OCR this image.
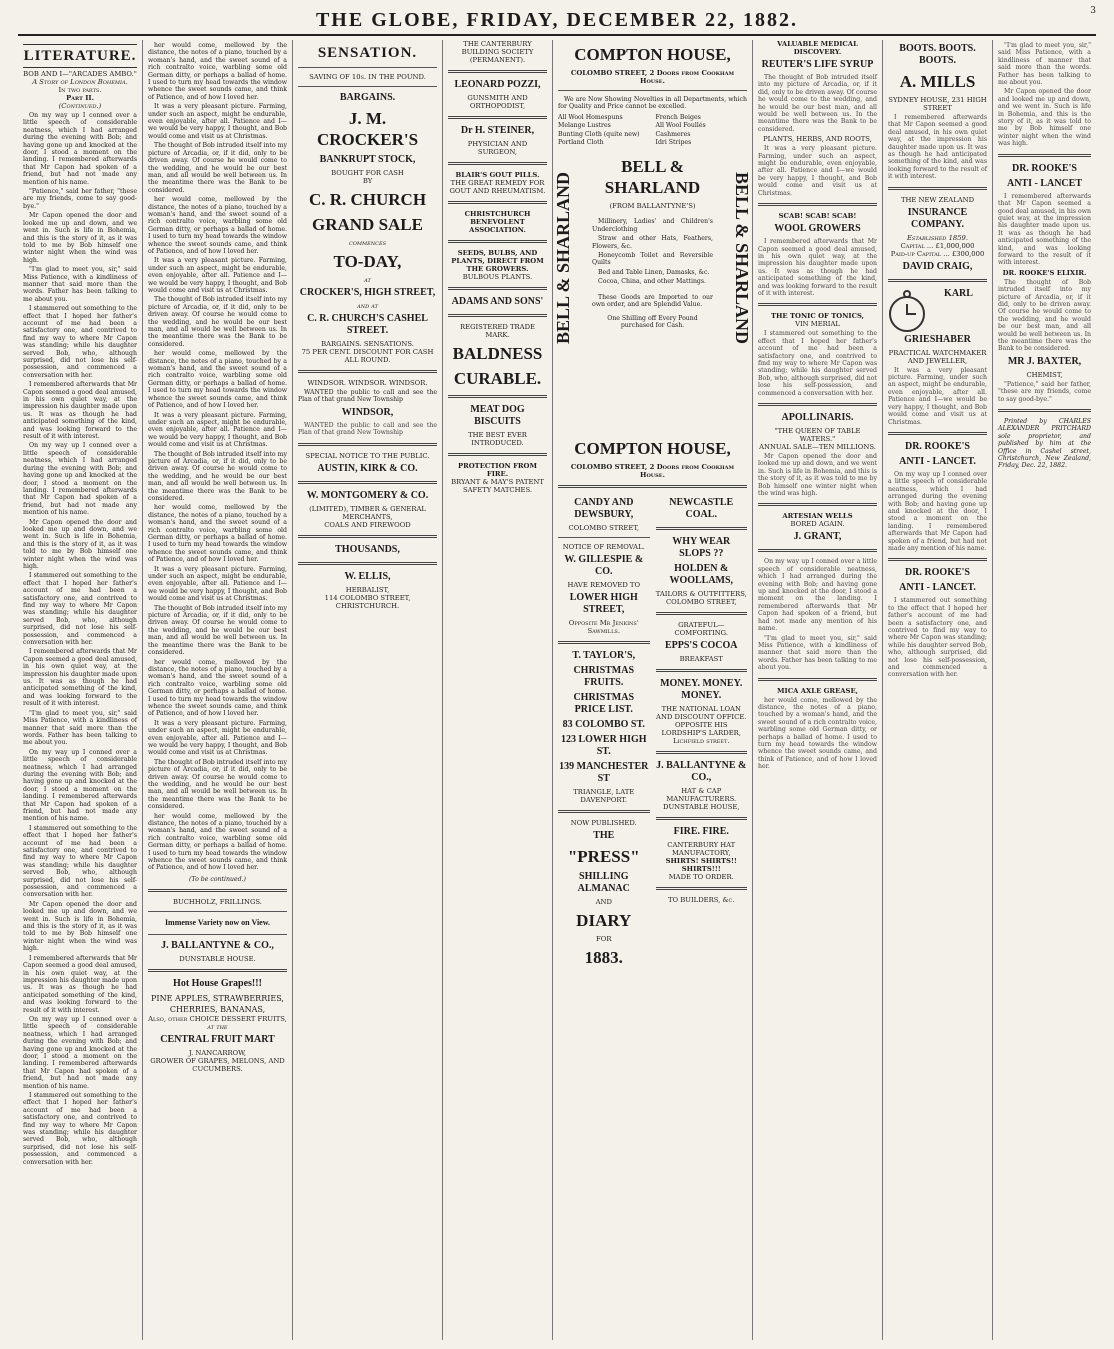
THE GLOBE, FRIDAY, DECEMBER 22, 1882.	3
LITERATURE.
BOB AND I—"ARCADES AMBO."
A Story of London Bohemia.
In two parts.
Part II.
(Continued.)

On my way up I conned over a little speech of considerable neatness, which I had arranged during the evening with Bob; and having gone up and knocked at the door, I stood a moment on the landing. I remembered afterwards that Mr Capon had spoken of a friend, but had not made any mention of his name.

"Patience," said her father, "these are my friends, come to say good-bye."

Mr Capon opened the door and looked me up and down, and we went in. Such is life in Bohemia, and this is the story of it, as it was told to me by Bob himself one winter night when the wind was high.

"I'm glad to meet you, sir," said Miss Patience, with a kindliness of manner that said more than the words. Father has been talking to me about you.

I stammered out something to the effect that I hoped her father's account of me had been a satisfactory one, and contrived to find my way to where Mr Capon was standing; while his daughter served Bob, who, although surprised, did not lose his self-possession, and commenced a conversation with her.

I remembered afterwards that Mr Capon seemed a good deal amused, in his own quiet way, at the impression his daughter made upon us. It was as though he had anticipated something of the kind, and was looking forward to the result of it with interest.

On my way up I conned over a little speech of considerable neatness, which I had arranged during the evening with Bob; and having gone up and knocked at the door, I stood a moment on the landing. I remembered afterwards that Mr Capon had spoken of a friend, but had not made any mention of his name.

Mr Capon opened the door and looked me up and down, and we went in. Such is life in Bohemia, and this is the story of it, as it was told to me by Bob himself one winter night when the wind was high.

I stammered out something to the effect that I hoped her father's account of me had been a satisfactory one, and contrived to find my way to where Mr Capon was standing; while his daughter served Bob, who, although surprised, did not lose his self-possession, and commenced a conversation with her.

I remembered afterwards that Mr Capon seemed a good deal amused, in his own quiet way, at the impression his daughter made upon us. It was as though he had anticipated something of the kind, and was looking forward to the result of it with interest.

"I'm glad to meet you, sir," said Miss Patience, with a kindliness of manner that said more than the words. Father has been talking to me about you.

On my way up I conned over a little speech of considerable neatness, which I had arranged during the evening with Bob; and having gone up and knocked at the door, I stood a moment on the landing. I remembered afterwards that Mr Capon had spoken of a friend, but had not made any mention of his name.

I stammered out something to the effect that I hoped her father's account of me had been a satisfactory one, and contrived to find my way to where Mr Capon was standing; while his daughter served Bob, who, although surprised, did not lose his self-possession, and commenced a conversation with her.

Mr Capon opened the door and looked me up and down, and we went in. Such is life in Bohemia, and this is the story of it, as it was told to me by Bob himself one winter night when the wind was high.

I remembered afterwards that Mr Capon seemed a good deal amused, in his own quiet way, at the impression his daughter made upon us. It was as though he had anticipated something of the kind, and was looking forward to the result of it with interest.

On my way up I conned over a little speech of considerable neatness, which I had arranged during the evening with Bob; and having gone up and knocked at the door, I stood a moment on the landing. I remembered afterwards that Mr Capon had spoken of a friend, but had not made any mention of his name.

I stammered out something to the effect that I hoped her father's account of me had been a satisfactory one, and contrived to find my way to where Mr Capon was standing; while his daughter served Bob, who, although surprised, did not lose his self-possession, and commenced a conversation with her.

her would come, mellowed by the distance, the notes of a piano, touched by a woman's hand, and the sweet sound of a rich contralto voice, warbling some old German ditty, or perhaps a ballad of home. I used to turn my head towards the window whence the sweet sounds came, and think of Patience, and of how I loved her.

It was a very pleasant picture. Farming, under such an aspect, might be endurable, even enjoyable, after all. Patience and I—we would be very happy, I thought, and Bob would come and visit us at Christmas.

The thought of Bob intruded itself into my picture of Arcadia, or, if it did, only to be driven away. Of course he would come to the wedding, and he would be our best man, and all would be well between us. In the meantime there was the Bank to be considered.

her would come, mellowed by the distance, the notes of a piano, touched by a woman's hand, and the sweet sound of a rich contralto voice, warbling some old German ditty, or perhaps a ballad of home. I used to turn my head towards the window whence the sweet sounds came, and think of Patience, and of how I loved her.

It was a very pleasant picture. Farming, under such an aspect, might be endurable, even enjoyable, after all. Patience and I—we would be very happy, I thought, and Bob would come and visit us at Christmas.

The thought of Bob intruded itself into my picture of Arcadia, or, if it did, only to be driven away. Of course he would come to the wedding, and he would be our best man, and all would be well between us. In the meantime there was the Bank to be considered.

her would come, mellowed by the distance, the notes of a piano, touched by a woman's hand, and the sweet sound of a rich contralto voice, warbling some old German ditty, or perhaps a ballad of home. I used to turn my head towards the window whence the sweet sounds came, and think of Patience, and of how I loved her.

It was a very pleasant picture. Farming, under such an aspect, might be endurable, even enjoyable, after all. Patience and I—we would be very happy, I thought, and Bob would come and visit us at Christmas.

The thought of Bob intruded itself into my picture of Arcadia, or, if it did, only to be driven away. Of course he would come to the wedding, and he would be our best man, and all would be well between us. In the meantime there was the Bank to be considered.

her would come, mellowed by the distance, the notes of a piano, touched by a woman's hand, and the sweet sound of a rich contralto voice, warbling some old German ditty, or perhaps a ballad of home. I used to turn my head towards the window whence the sweet sounds came, and think of Patience, and of how I loved her.

It was a very pleasant picture. Farming, under such an aspect, might be endurable, even enjoyable, after all. Patience and I—we would be very happy, I thought, and Bob would come and visit us at Christmas.

The thought of Bob intruded itself into my picture of Arcadia, or, if it did, only to be driven away. Of course he would come to the wedding, and he would be our best man, and all would be well between us. In the meantime there was the Bank to be considered.

her would come, mellowed by the distance, the notes of a piano, touched by a woman's hand, and the sweet sound of a rich contralto voice, warbling some old German ditty, or perhaps a ballad of home. I used to turn my head towards the window whence the sweet sounds came, and think of Patience, and of how I loved her.

It was a very pleasant picture. Farming, under such an aspect, might be endurable, even enjoyable, after all. Patience and I—we would be very happy, I thought, and Bob would come and visit us at Christmas.

The thought of Bob intruded itself into my picture of Arcadia, or, if it did, only to be driven away. Of course he would come to the wedding, and he would be our best man, and all would be well between us. In the meantime there was the Bank to be considered.

her would come, mellowed by the distance, the notes of a piano, touched by a woman's hand, and the sweet sound of a rich contralto voice, warbling some old German ditty, or perhaps a ballad of home. I used to turn my head towards the window whence the sweet sounds came, and think of Patience, and of how I loved her.

(To be continued.)
BUCHHOLZ, FRILLINGS.
Immense Variety now on View.
J. BALLANTYNE & CO.,
DUNSTABLE HOUSE.
Hot House Grapes!!!
PINE APPLES, STRAWBERRIES, CHERRIES, BANANAS,
Also, other CHOICE DESSERT FRUITS,
at the
CENTRAL FRUIT MART
J. NANCARROW,
GROWER OF GRAPES, MELONS, AND CUCUMBERS.
SENSATION.
SAVING OF 10s. IN THE POUND.
BARGAINS.
J. M. CROCKER'S
BANKRUPT STOCK,
BOUGHT FOR CASH
BY
C. R. CHURCH
GRAND SALE
commences
TO-DAY,
at
CROCKER'S, HIGH STREET,
and at
C. R. CHURCH'S CASHEL STREET.
BARGAINS. SENSATIONS.
75 PER CENT. DISCOUNT FOR CASH ALL ROUND.
WINDSOR. WINDSOR. WINDSOR.

WANTED the public to call and see the Plan of that grand New Township

WINDSOR,

WANTED the public to call and see the Plan of that grand New Township

SPECIAL NOTICE TO THE PUBLIC.
AUSTIN, KIRK & CO.
W. MONTGOMERY & CO.
(LIMITED), TIMBER & GENERAL MERCHANTS,
COALS AND FIREWOOD
THOUSANDS,
W. ELLIS,
HERBALIST,
114 COLOMBO STREET, CHRISTCHURCH.
THE CANTERBURY BUILDING SOCIETY
(PERMANENT).
LEONARD POZZI,
GUNSMITH AND ORTHOPODIST,
Dr H. STEINER,
PHYSICIAN AND SURGEON,
BLAIR'S GOUT PILLS.
THE GREAT REMEDY FOR GOUT AND RHEUMATISM.
CHRISTCHURCH BENEVOLENT ASSOCIATION.
SEEDS, BULBS, AND PLANTS, DIRECT FROM THE GROWERS.
BULBOUS PLANTS.
ADAMS AND SONS'
REGISTERED TRADE MARK.
BALDNESS
CURABLE.
MEAT DOG BISCUITS
THE BEST EVER INTRODUCED.
PROTECTION FROM FIRE.
BRYANT & MAY'S PATENT SAFETY MATCHES.
COMPTON HOUSE,
COLOMBO STREET, 2 Doors from Cookham House.

We are Now Showing Novelties in all Departments, which for Quality and Price cannot be excelled.

All Wool Homespuns	French Beiges
Melange Lustres	All Wool Foullés
Bunting Cloth (quite new)	Cashmeres
Portland Cloth	Idri Stripes
BELL & SHARLAND	BELL & SHARLAND
BELL & SHARLAND
(FROM BALLANTYNE'S)

Millinery, Ladies' and Children's Underclothing

Straw and other Hats, Feathers, Flowers, &c.

Honeycomb Toilet and Reversible Quilts

Bed and Table Linen, Damasks, &c.

Cocoa, China, and other Mattings.

These Goods are Imported to our own order, and are Splendid Value.

One Shilling off Every Pound purchased for Cash.

COMPTON HOUSE,
COLOMBO STREET, 2 Doors from Cookham House.
CANDY AND DEWSBURY,
COLOMBO STREET,
NOTICE OF REMOVAL.
W. GILLESPIE & CO.
HAVE REMOVED TO
LOWER HIGH STREET,
Opposite Mr Jenkins' Sawmills.
T. TAYLOR'S,
CHRISTMAS FRUITS.
CHRISTMAS PRICE LIST.
83 COLOMBO ST.
123 LOWER HIGH ST.
139 MANCHESTER ST
TRIANGLE, LATE DAVENPORT.
NOW PUBLISHED.
THE
"PRESS"
SHILLING ALMANAC
AND
DIARY
FOR
1883.
NEWCASTLE COAL.
WHY WEAR SLOPS ??
HOLDEN & WOOLLAMS,
TAILORS & OUTFITTERS,
COLOMBO STREET,
GRATEFUL—COMFORTING.
EPPS'S COCOA
BREAKFAST
MONEY. MONEY. MONEY.
THE NATIONAL LOAN AND DISCOUNT OFFICE.
OPPOSITE HIS LORDSHIP'S LARDER,
Lichfield street.
J. BALLANTYNE & CO.,
HAT & CAP MANUFACTURERS.
DUNSTABLE HOUSE,
FIRE. FIRE.
CANTERBURY HAT MANUFACTORY,
SHIRTS! SHIRTS!! SHIRTS!!!
MADE TO ORDER.
TO BUILDERS, &c.
VALUABLE MEDICAL DISCOVERY.
REUTER'S LIFE SYRUP

The thought of Bob intruded itself into my picture of Arcadia, or, if it did, only to be driven away. Of course he would come to the wedding, and he would be our best man, and all would be well between us. In the meantime there was the Bank to be considered.

PLANTS, HERBS, AND ROOTS,

It was a very pleasant picture. Farming, under such an aspect, might be endurable, even enjoyable, after all. Patience and I—we would be very happy, I thought, and Bob would come and visit us at Christmas.

SCAB! SCAB! SCAB!
WOOL GROWERS

I remembered afterwards that Mr Capon seemed a good deal amused, in his own quiet way, at the impression his daughter made upon us. It was as though he had anticipated something of the kind, and was looking forward to the result of it with interest.

THE TONIC OF TONICS,
VIN MERIAL

I stammered out something to the effect that I hoped her father's account of me had been a satisfactory one, and contrived to find my way to where Mr Capon was standing; while his daughter served Bob, who, although surprised, did not lose his self-possession, and commenced a conversation with her.

APOLLINARIS.
"THE QUEEN OF TABLE WATERS."
ANNUAL SALE—TEN MILLIONS.

Mr Capon opened the door and looked me up and down, and we went in. Such is life in Bohemia, and this is the story of it, as it was told to me by Bob himself one winter night when the wind was high.

ARTESIAN WELLS
BORED AGAIN.
J. GRANT,

On my way up I conned over a little speech of considerable neatness, which I had arranged during the evening with Bob; and having gone up and knocked at the door, I stood a moment on the landing. I remembered afterwards that Mr Capon had spoken of a friend, but had not made any mention of his name.

"I'm glad to meet you, sir," said Miss Patience, with a kindliness of manner that said more than the words. Father has been talking to me about you.

MICA AXLE GREASE,

her would come, mellowed by the distance, the notes of a piano, touched by a woman's hand, and the sweet sound of a rich contralto voice, warbling some old German ditty, or perhaps a ballad of home. I used to turn my head towards the window whence the sweet sounds came, and think of Patience, and of how I loved her.

BOOTS. BOOTS. BOOTS.
A. MILLS
SYDNEY HOUSE, 231 HIGH STREET

I remembered afterwards that Mr Capon seemed a good deal amused, in his own quiet way, at the impression his daughter made upon us. It was as though he had anticipated something of the kind, and was looking forward to the result of it with interest.

THE NEW ZEALAND
INSURANCE COMPANY.
Established 1859.
Capital ... £1,000,000
Paid-up Capital ... £300,000
DAVID CRAIG,
KARL GRIESHABER
PRACTICAL WATCHMAKER AND JEWELLER,

It was a very pleasant picture. Farming, under such an aspect, might be endurable, even enjoyable, after all. Patience and I—we would be very happy, I thought, and Bob would come and visit us at Christmas.

DR. ROOKE'S
ANTI - LANCET.

On my way up I conned over a little speech of considerable neatness, which I had arranged during the evening with Bob; and having gone up and knocked at the door, I stood a moment on the landing. I remembered afterwards that Mr Capon had spoken of a friend, but had not made any mention of his name.

DR. ROOKE'S
ANTI - LANCET.

I stammered out something to the effect that I hoped her father's account of me had been a satisfactory one, and contrived to find my way to where Mr Capon was standing; while his daughter served Bob, who, although surprised, did not lose his self-possession, and commenced a conversation with her.

"I'm glad to meet you, sir," said Miss Patience, with a kindliness of manner that said more than the words. Father has been talking to me about you.

Mr Capon opened the door and looked me up and down, and we went in. Such is life in Bohemia, and this is the story of it, as it was told to me by Bob himself one winter night when the wind was high.

DR. ROOKE'S
ANTI - LANCET

I remembered afterwards that Mr Capon seemed a good deal amused, in his own quiet way, at the impression his daughter made upon us. It was as though he had anticipated something of the kind, and was looking forward to the result of it with interest.

DR. ROOKE'S ELIXIR.

The thought of Bob intruded itself into my picture of Arcadia, or, if it did, only to be driven away. Of course he would come to the wedding, and he would be our best man, and all would be well between us. In the meantime there was the Bank to be considered.

MR J. BAXTER,
CHEMIST,

"Patience," said her father, "these are my friends, come to say good-bye."

Printed by CHARLES ALEXANDER PRITCHARD sole proprietor, and published by him at the Office in Cashel street, Christchurch, New Zealand, Friday, Dec. 22, 1882.
